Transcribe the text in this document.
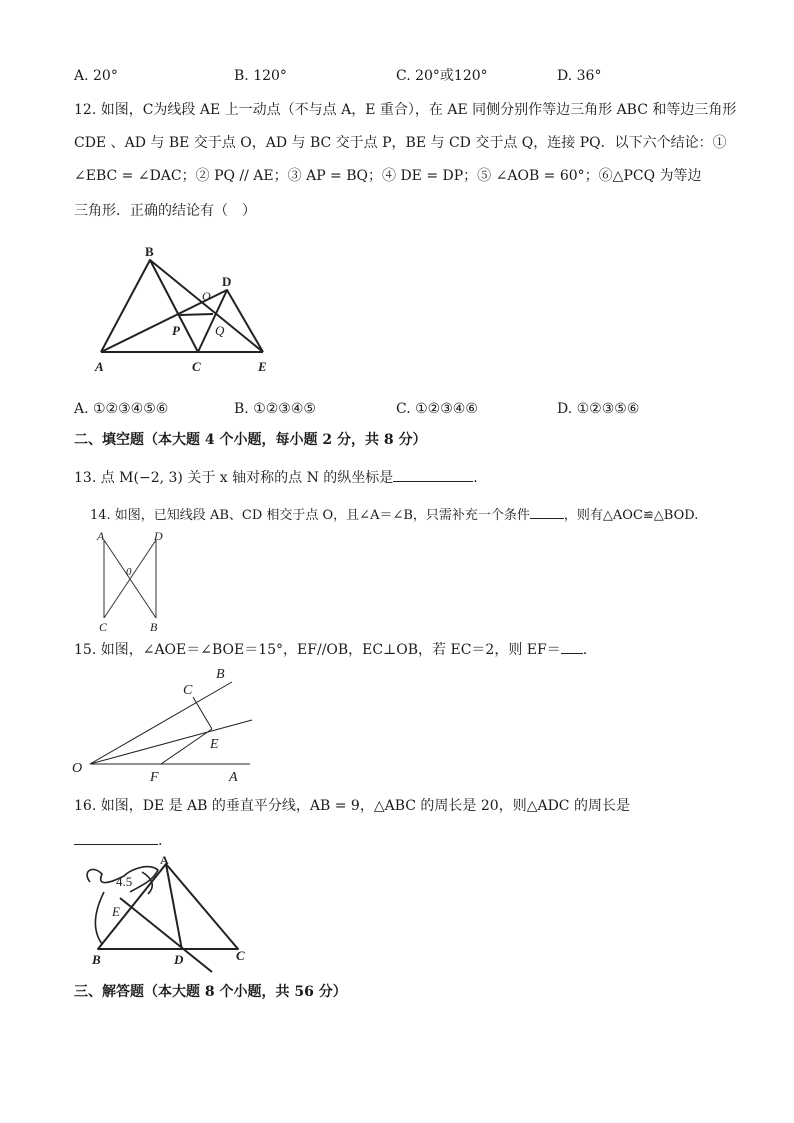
A. 20°	B. 120°	C. 20°或120°	D. 36°
12. 如图，C为线段 AE 上一动点（不与点 A，E 重合），在 AE 同侧分别作等边三角形 ABC 和等边三角形
CDE 、AD 与 BE 交于点 O，AD 与 BC 交于点 P，BE 与 CD 交于点 Q，连接 PQ．以下六个结论：①
∠EBC = ∠DAC；② PQ // AE；③ AP = BQ；④ DE = DP；⑤ ∠AOB = 60°；⑥△PCQ 为等边
三角形．正确的结论有（　）
B
D
O
P	Q
A	C	E
A. ①②③④⑤⑥	B. ①②③④⑤	C. ①②③④⑥	D. ①②③⑤⑥
二、填空题（本大题 4 个小题，每小题 2 分，共 8 分）
13. 点 M(−2, 3) 关于 x 轴对称的点 N 的纵坐标是	.
14. 如图，已知线段 AB、CD 相交于点 O，且∠A＝∠B，只需补充一个条件	，则有△AOC≌△BOD.
A	D
0
C	B
15. 如图，∠AOE＝∠BOE＝15°，EF//OB，EC⊥OB，若 EC＝2，则 EF＝ .
B
C
E
O
F	A
16. 如图，DE 是 AB 的垂直平分线，AB = 9，△ABC 的周长是 20，则△ADC 的周长是
.
A
4.5
E
B	D	C
三、解答题（本大题 8 个小题，共 56 分）
